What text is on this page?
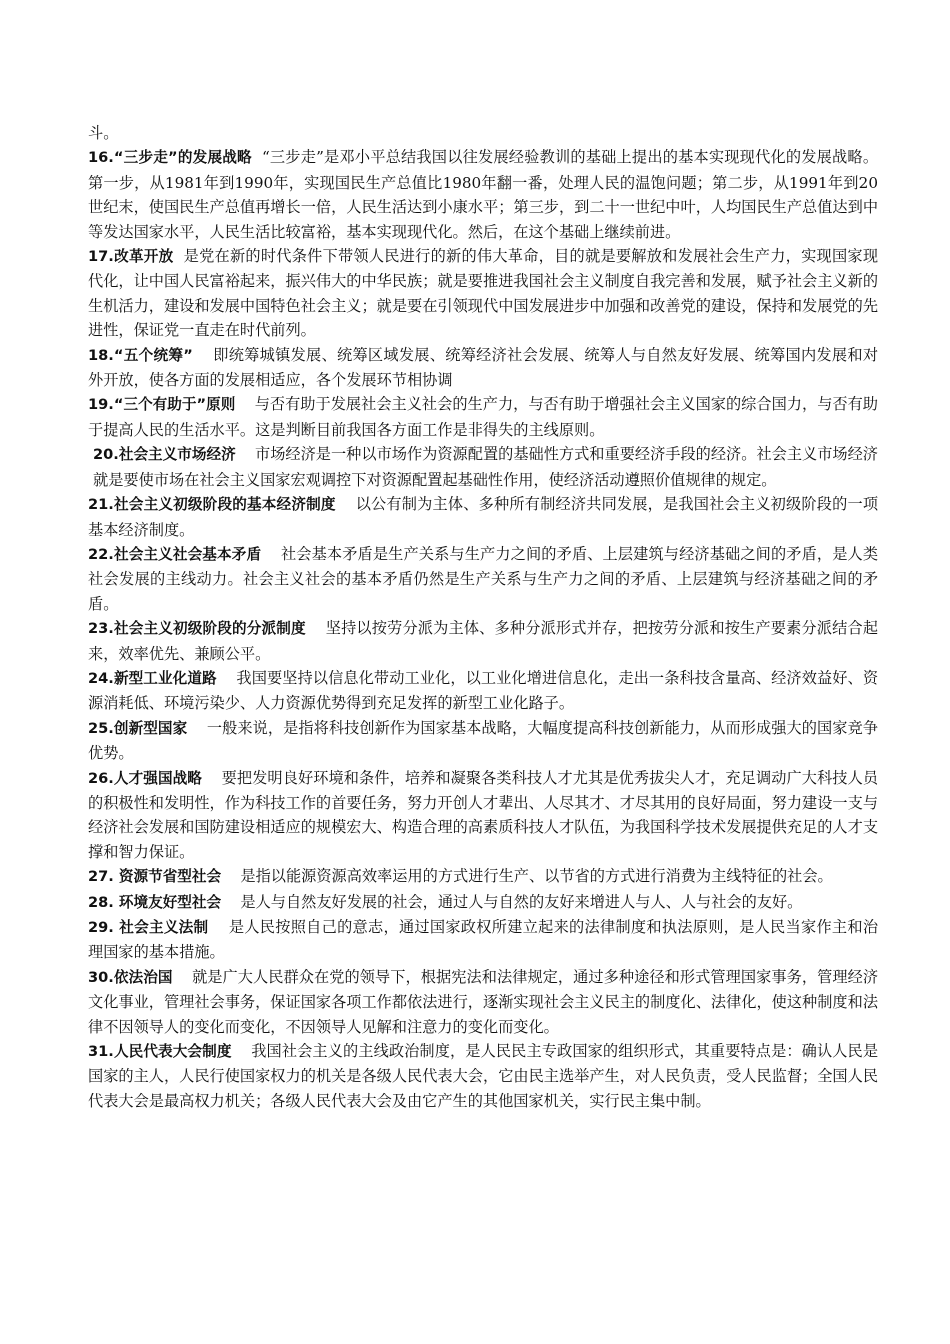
斗。

16.“三步走”的发展战略 “三步走”是邓小平总结我国以往发展经验教训的基础上提出的基本实现现代化的发展战略。第一步，从1981年到1990年，实现国民生产总值比1980年翻一番，处理人民的温饱问题；第二步，从1991年到20世纪末，使国民生产总值再增长一倍，人民生活达到小康水平；第三步，到二十一世纪中叶，人均国民生产总值达到中等发达国家水平，人民生活比较富裕，基本实现现代化。然后，在这个基础上继续前进。

17.改革开放 是党在新的时代条件下带领人民进行的新的伟大革命，目的就是要解放和发展社会生产力，实现国家现代化，让中国人民富裕起来，振兴伟大的中华民族；就是要推进我国社会主义制度自我完善和发展，赋予社会主义新的生机活力，建设和发展中国特色社会主义；就是要在引领现代中国发展进步中加强和改善党的建设，保持和发展党的先进性，保证党一直走在时代前列。

18.“五个统筹” 即统筹城镇发展、统筹区域发展、统筹经济社会发展、统筹人与自然友好发展、统筹国内发展和对外开放，使各方面的发展相适应，各个发展环节相协调

19.“三个有助于”原则 与否有助于发展社会主义社会的生产力，与否有助于增强社会主义国家的综合国力，与否有助于提高人民的生活水平。这是判断目前我国各方面工作是非得失的主线原则。

20.社会主义市场经济 市场经济是一种以市场作为资源配置的基础性方式和重要经济手段的经济。社会主义市场经济就是要使市场在社会主义国家宏观调控下对资源配置起基础性作用，使经济活动遵照价值规律的规定。

21.社会主义初级阶段的基本经济制度 以公有制为主体、多种所有制经济共同发展，是我国社会主义初级阶段的一项基本经济制度。

22.社会主义社会基本矛盾 社会基本矛盾是生产关系与生产力之间的矛盾、上层建筑与经济基础之间的矛盾，是人类社会发展的主线动力。社会主义社会的基本矛盾仍然是生产关系与生产力之间的矛盾、上层建筑与经济基础之间的矛盾。

23.社会主义初级阶段的分派制度 坚持以按劳分派为主体、多种分派形式并存，把按劳分派和按生产要素分派结合起来，效率优先、兼顾公平。

24.新型工业化道路 我国要坚持以信息化带动工业化，以工业化增进信息化，走出一条科技含量高、经济效益好、资源消耗低、环境污染少、人力资源优势得到充足发挥的新型工业化路子。

25.创新型国家 一般来说，是指将科技创新作为国家基本战略，大幅度提高科技创新能力，从而形成强大的国家竞争优势。

26.人才强国战略 要把发明良好环境和条件，培养和凝聚各类科技人才尤其是优秀拔尖人才，充足调动广大科技人员的积极性和发明性，作为科技工作的首要任务，努力开创人才辈出、人尽其才、才尽其用的良好局面，努力建设一支与经济社会发展和国防建设相适应的规模宏大、构造合理的高素质科技人才队伍，为我国科学技术发展提供充足的人才支撑和智力保证。

27. 资源节省型社会 是指以能源资源高效率运用的方式进行生产、以节省的方式进行消费为主线特征的社会。

28. 环境友好型社会 是人与自然友好发展的社会，通过人与自然的友好来增进人与人、人与社会的友好。

29. 社会主义法制 是人民按照自己的意志，通过国家政权所建立起来的法律制度和执法原则，是人民当家作主和治理国家的基本措施。

30.依法治国 就是广大人民群众在党的领导下，根据宪法和法律规定，通过多种途径和形式管理国家事务，管理经济文化事业，管理社会事务，保证国家各项工作都依法进行，逐渐实现社会主义民主的制度化、法律化，使这种制度和法律不因领导人的变化而变化，不因领导人见解和注意力的变化而变化。

31.人民代表大会制度 我国社会主义的主线政治制度，是人民民主专政国家的组织形式，其重要特点是：确认人民是国家的主人，人民行使国家权力的机关是各级人民代表大会，它由民主选举产生，对人民负责，受人民监督；全国人民代表大会是最高权力机关；各级人民代表大会及由它产生的其他国家机关，实行民主集中制。
